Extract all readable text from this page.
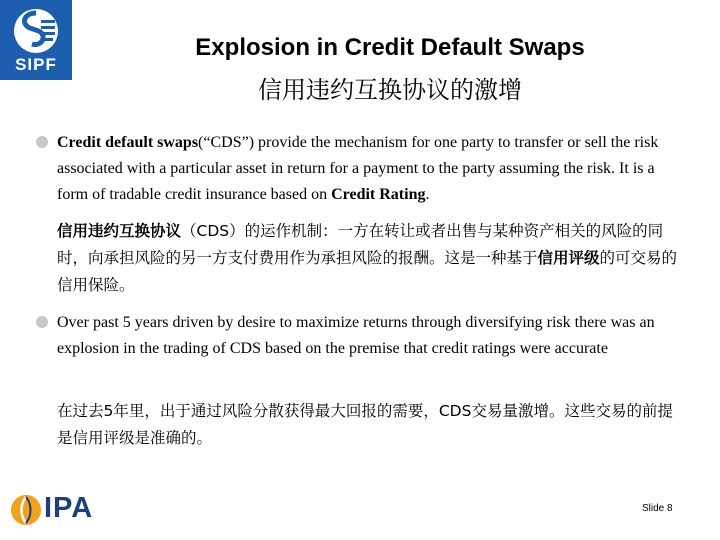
SIPF
Explosion in Credit Default Swaps
信用违约互换协议的激增
Credit default swaps(“CDS”) provide the mechanism for one party to transfer or sell the risk associated with a particular asset in return for a payment to the party assuming the risk. It is a form of tradable credit insurance based on Credit Rating.
信用违约互换协议（CDS）的运作机制：一方在转让或者出售与某种资产相关的风险的同时，向承担风险的另一方支付费用作为承担风险的报酬。这是一种基于信用评级的可交易的信用保险。
Over past 5 years driven by desire to maximize returns through diversifying risk there was an explosion in the trading of CDS based on the premise that credit ratings were accurate
在过去5年里，出于通过风险分散获得最大回报的需要，CDS交易量激增。这些交易的前提是信用评级是准确的。
IPA	Slide 8
